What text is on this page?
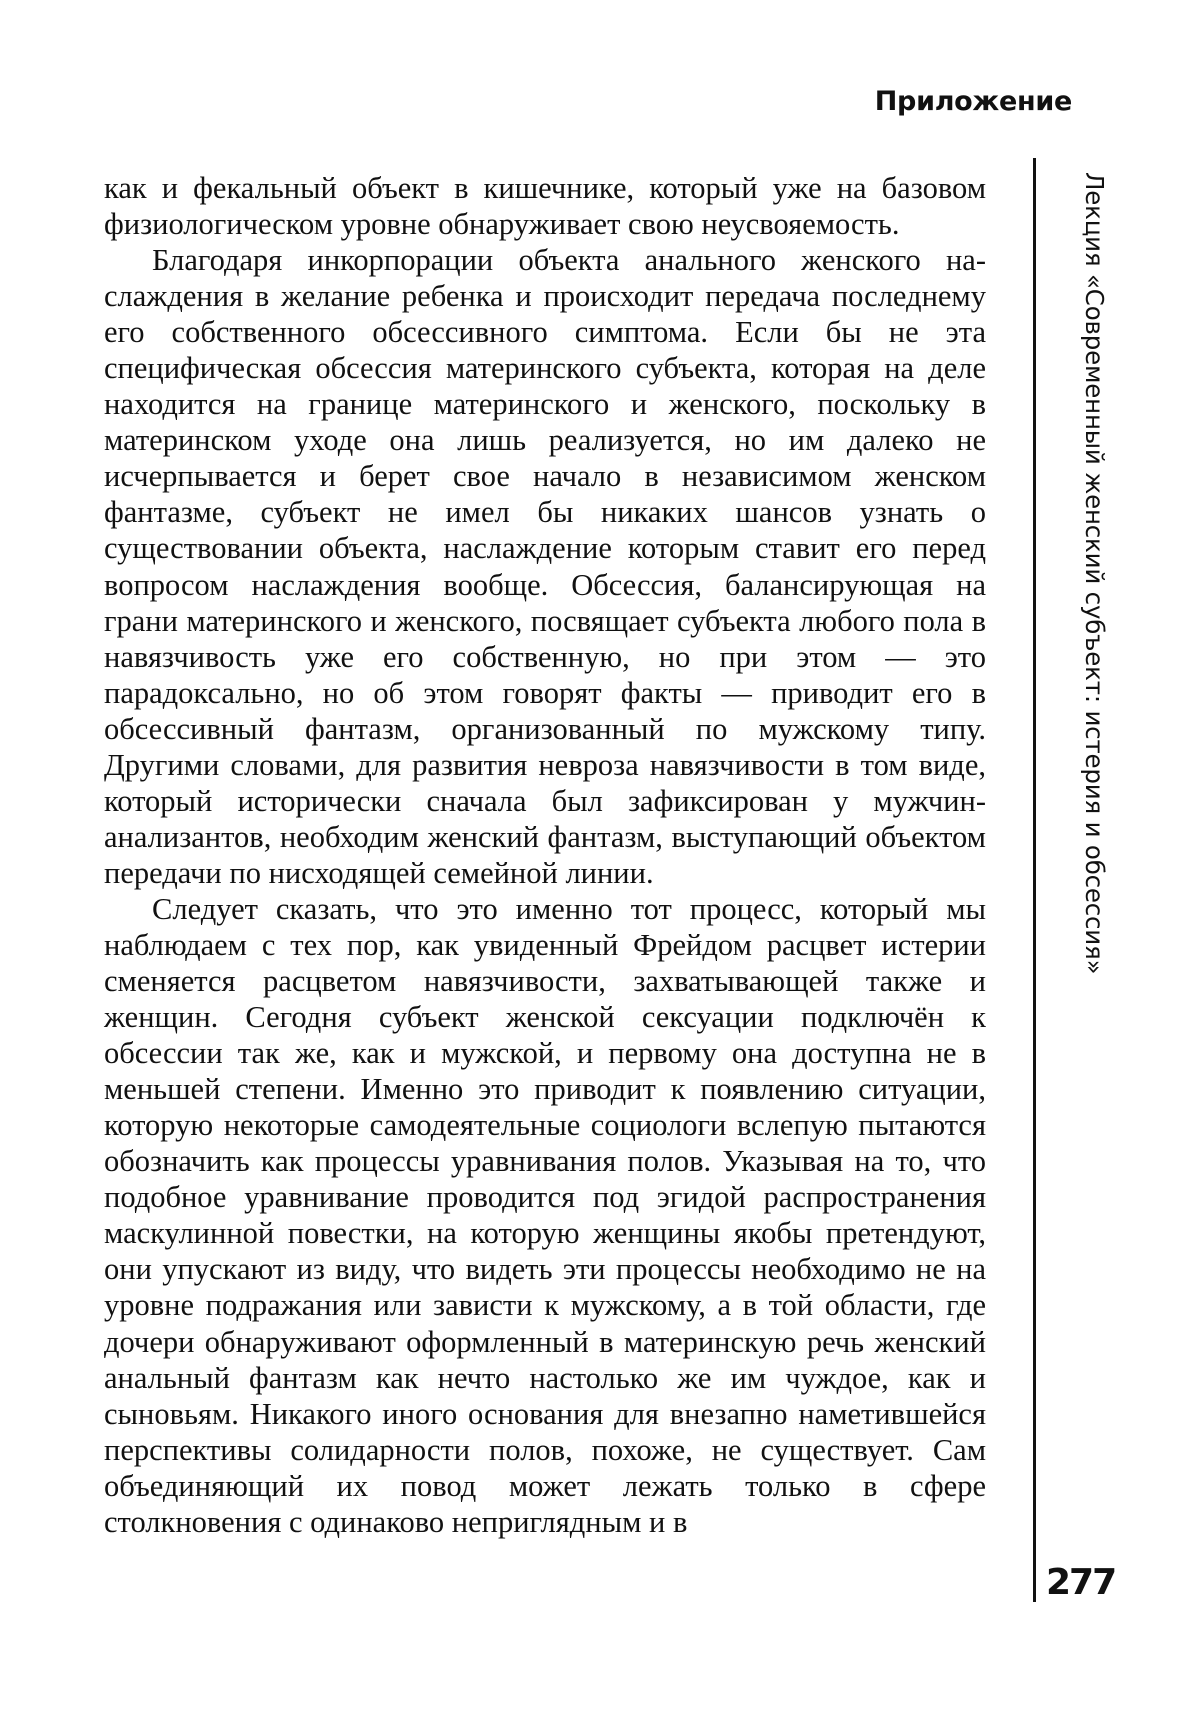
Приложение

как и фекальный объект в кишечнике, который уже на базовом физиологическом уровне обнаруживает свою неусвояемость.

Благодаря инкорпорации объекта анального женского наслаждения в желание ребенка и происходит передача последнему его собственного обсессивного симптома. Если бы не эта специфическая обсессия материнского субъекта, которая на деле находится на границе материнского и женского, поскольку в материнском уходе она лишь реализуется, но им далеко не исчерпывается и берет свое начало в независимом женском фантазме, субъект не имел бы никаких шансов узнать о существовании объекта, наслаждение которым ставит его перед вопросом наслаждения вообще. Обсессия, балансирующая на грани материнского и женского, посвящает субъекта любого пола в навязчивость уже его собственную, но при этом — это парадоксально, но об этом говорят факты — приводит его в обсессивный фантазм, организованный по мужскому типу. Другими словами, для развития невроза навязчивости в том виде, который исторически сначала был зафиксирован у мужчин-анализантов, необходим женский фантазм, выступающий объектом передачи по нисходящей семейной линии.

Следует сказать, что это именно тот процесс, который мы наблюдаем с тех пор, как увиденный Фрейдом расцвет истерии сменяется расцветом навязчивости, захватывающей также и женщин. Сегодня субъект женской сексуации подключён к обсессии так же, как и мужской, и первому она доступна не в меньшей степени. Именно это приводит к появлению ситуации, которую некоторые самодеятельные социологи вслепую пытаются обозначить как процессы уравнивания полов. Указывая на то, что подобное уравнивание проводится под эгидой распространения маскулинной повестки, на которую женщины якобы претендуют, они упускают из виду, что видеть эти процессы необходимо не на уровне подражания или зависти к мужскому, а в той области, где дочери обнаруживают оформленный в материнскую речь женский анальный фантазм как нечто настолько же им чуждое, как и сыновьям. Никакого иного основания для внезапно наметившейся перспективы солидарности полов, похоже, не существует. Сам объединяющий их повод может лежать только в сфере столкновения с одинаково неприглядным и в

Лекция «Современный женский субъект: истерия и обсессия»
277
